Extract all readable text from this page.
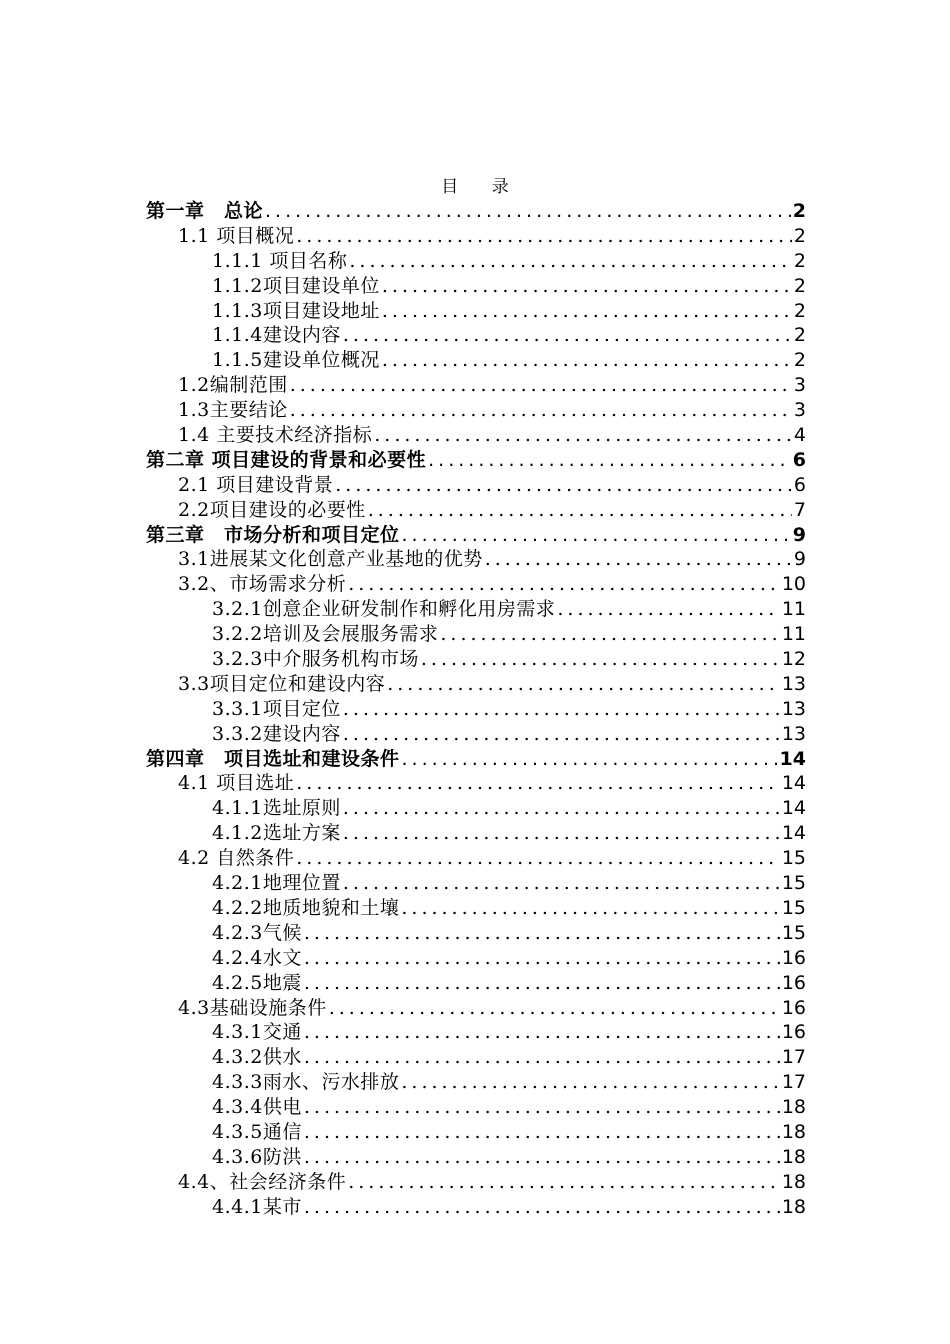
目 录
第一章　总论 .....	2
1.1 项目概况 .....	2
1.1.1 项目名称 .....	2
1.1.2项目建设单位 .....	2
1.1.3项目建设地址 .....	2
1.1.4建设内容 .....	2
1.1.5建设单位概况 .....	2
1.2编制范围 .....	3
1.3主要结论 .....	3
1.4 主要技术经济指标 .....	4
第二章 项目建设的背景和必要性 .....	6
2.1 项目建设背景 .....	6
2.2项目建设的必要性 .....	7
第三章　市场分析和项目定位 .....	9
3.1进展某文化创意产业基地的优势 .....	9
3.2、市场需求分析 .....	10
3.2.1创意企业研发制作和孵化用房需求 .....	11
3.2.2培训及会展服务需求 .....	11
3.2.3中介服务机构市场 .....	12
3.3项目定位和建设内容 .....	13
3.3.1项目定位 .....	13
3.3.2建设内容 .....	13
第四章　项目选址和建设条件 .....	14
4.1 项目选址 .....	14
4.1.1选址原则 .....	14
4.1.2选址方案 .....	14
4.2 自然条件 .....	15
4.2.1地理位置 .....	15
4.2.2地质地貌和土壤 .....	15
4.2.3气候 .....	15
4.2.4水文 .....	16
4.2.5地震 .....	16
4.3基础设施条件 .....	16
4.3.1交通 .....	16
4.3.2供水 .....	17
4.3.3雨水、污水排放 .....	17
4.3.4供电 .....	18
4.3.5通信 .....	18
4.3.6防洪 .....	18
4.4、社会经济条件 .....	18
4.4.1某市 .....	18
